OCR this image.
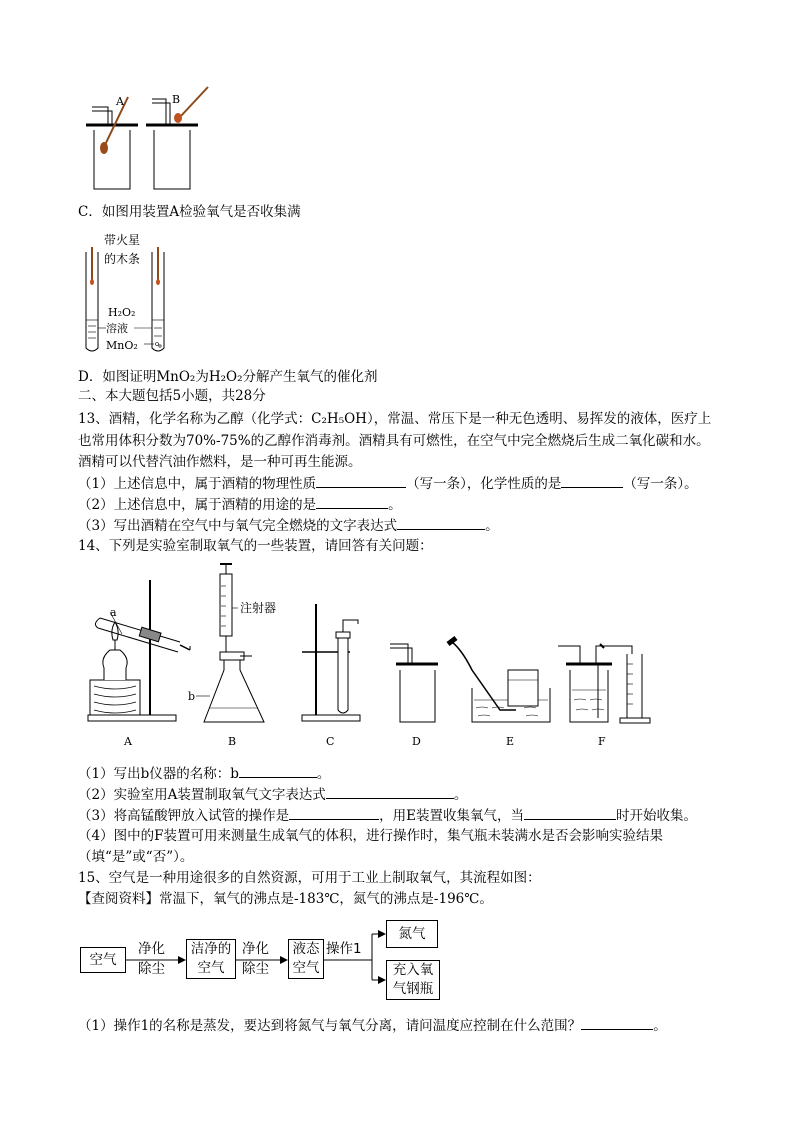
A	B
C．如图用装置A检验氧气是否收集满
带火星
的木条
H₂O₂
溶液
MnO₂
D．如图证明MnO₂为H₂O₂分解产生氧气的催化剂
二、本大题包括5小题，共28分
13、酒精，化学名称为乙醇（化学式：C₂H₅OH），常温、常压下是一种无色透明、易挥发的液体，医疗上
也常用体积分数为70%-75%的乙醇作消毒剂。酒精具有可燃性，在空气中完全燃烧后生成二氧化碳和水。
酒精可以代替汽油作燃料，是一种可再生能源。
（1）上述信息中，属于酒精的物理性质	（写一条），化学性质的是	（写一条）。
（2）上述信息中，属于酒精的用途的是	。
（3）写出酒精在空气中与氧气完全燃烧的文字表达式	。
14、下列是实验室制取氧气的一些装置，请回答有关问题：
a
A
注射器
b
B	C	D	E	F
（1）写出b仪器的名称：b	。
（2）实验室用A装置制取氧气文字表达式	。
（3）将高锰酸钾放入试管的操作是	，用E装置收集氧气，当	时开始收集。
（4）图中的F装置可用来测量生成氧气的体积，进行操作时，集气瓶未装满水是否会影响实验结果
（填“是”或“否”）。
15、空气是一种用途很多的自然资源，可用于工业上制取氧气，其流程如图：
【查阅资料】常温下，氧气的沸点是-183℃，氮气的沸点是-196℃。
空气
净化
除尘
洁净的
空气
净化
除尘
液态
空气
操作1
氮气
充入氧
气钢瓶
（1）操作1的名称是蒸发，要达到将氮气与氧气分离，请问温度应控制在什么范围？	。
